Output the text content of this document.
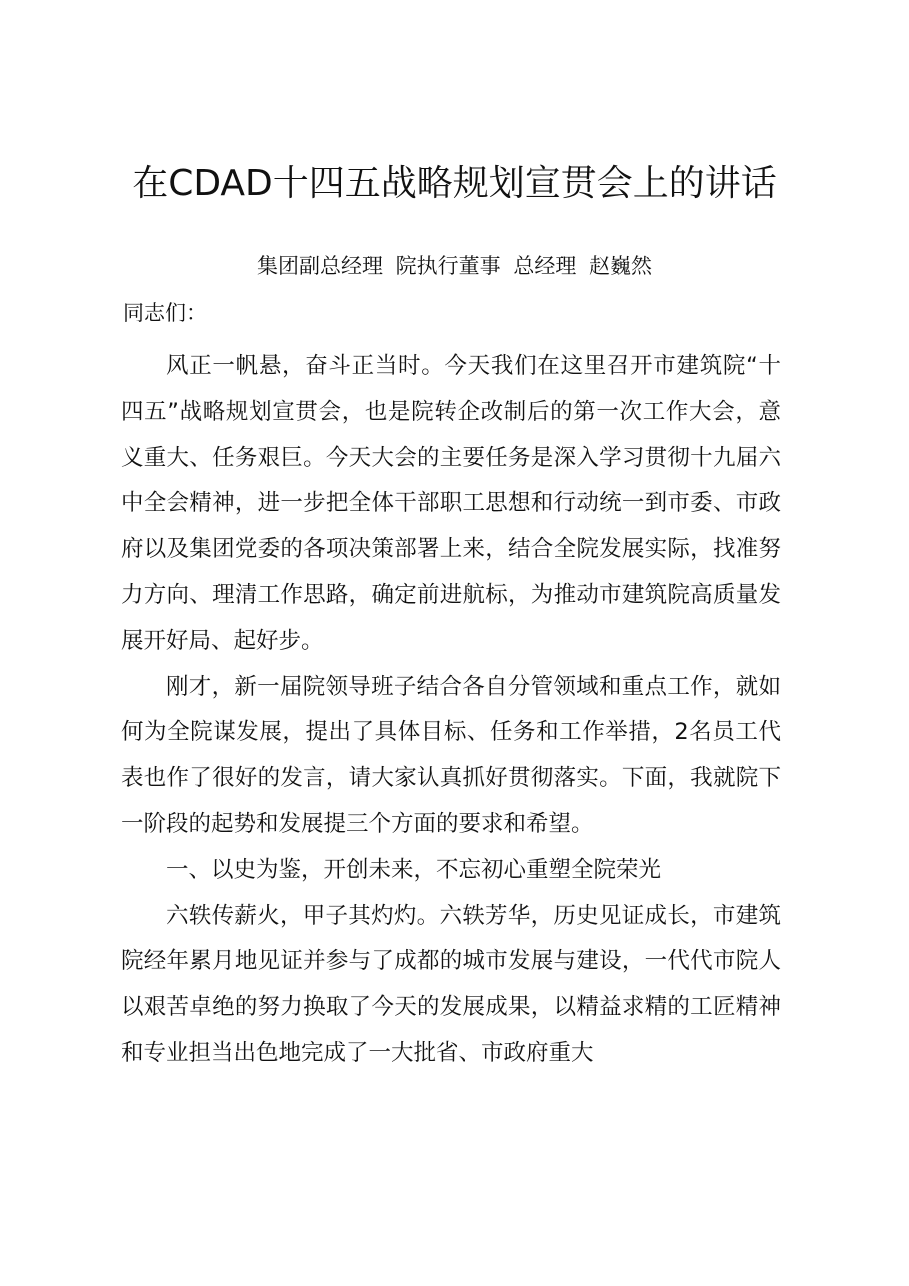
在CDAD十四五战略规划宣贯会上的讲话
集团副总经理 院执行董事 总经理 赵巍然
同志们：

风正一帆悬，奋斗正当时。今天我们在这里召开市建筑院“十四五”战略规划宣贯会，也是院转企改制后的第一次工作大会，意义重大、任务艰巨。今天大会的主要任务是深入学习贯彻十九届六中全会精神，进一步把全体干部职工思想和行动统一到市委、市政府以及集团党委的各项决策部署上来，结合全院发展实际，找准努力方向、理清工作思路，确定前进航标，为推动市建筑院高质量发展开好局、起好步。

刚才，新一届院领导班子结合各自分管领域和重点工作，就如何为全院谋发展，提出了具体目标、任务和工作举措，2名员工代表也作了很好的发言，请大家认真抓好贯彻落实。下面，我就院下一阶段的起势和发展提三个方面的要求和希望。

一、以史为鉴，开创未来，不忘初心重塑全院荣光

六轶传薪火，甲子其灼灼。六轶芳华，历史见证成长，市建筑院经年累月地见证并参与了成都的城市发展与建设，一代代市院人以艰苦卓绝的努力换取了今天的发展成果，以精益求精的工匠精神和专业担当出色地完成了一大批省、市政府重大
